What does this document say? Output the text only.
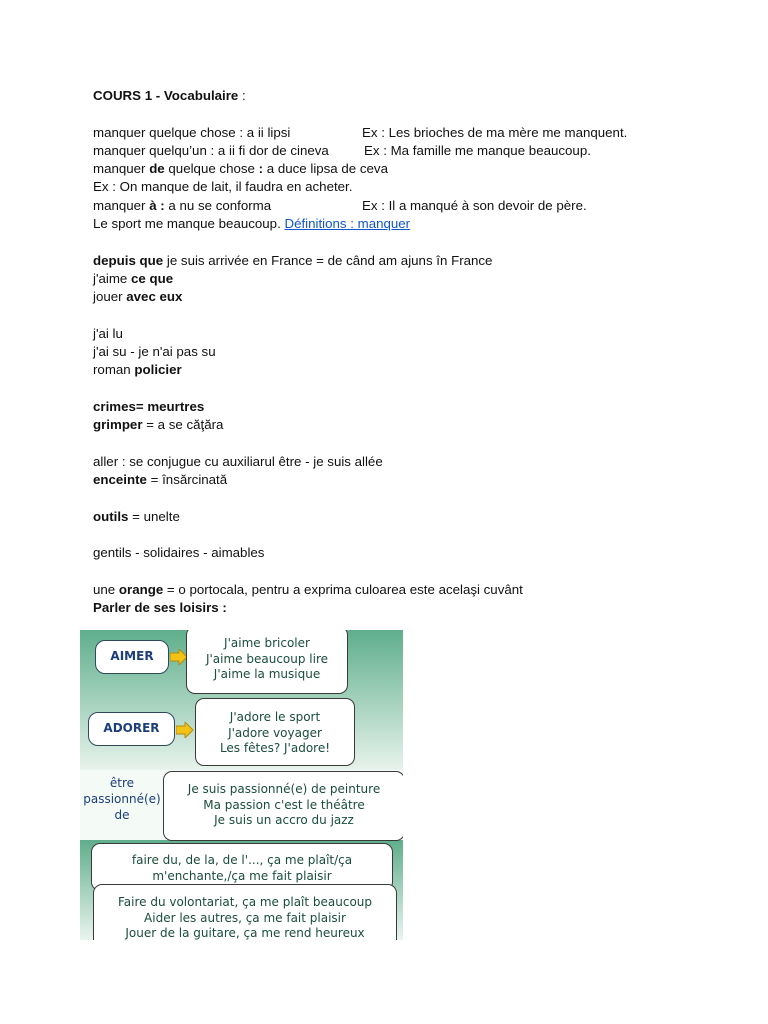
COURS 1 - Vocabulaire :
manquer quelque chose : a ii lipsi	Ex : Les brioches de ma mère me manquent.
manquer quelqu’un : a ii fi dor de cineva	Ex : Ma famille me manque beaucoup.
manquer de quelque chose : a duce lipsa de ceva
Ex : On manque de lait, il faudra en acheter.
manquer à : a nu se conforma	Ex : Il a manqué à son devoir de père.
Le sport me manque beaucoup. Définitions : manquer
depuis que je suis arrivée en France = de când am ajuns în France
j'aime ce que
jouer avec eux
j'ai lu
j'ai su - je n'ai pas su
roman policier
crimes= meurtres
grimper = a se căţăra
aller : se conjugue cu auxiliarul être - je suis allée
enceinte = însărcinată
outils = unelte
gentils - solidaires - aimables
une orange = o portocala, pentru a exprima culoarea este acelaşi cuvânt
Parler de ses loisirs :
AIMER
J'aime bricoler
J'aime beaucoup lire
J'aime la musique
ADORER
J'adore le sport
J'adore voyager
Les fêtes? J'adore!
être
passionné(e)
de
Je suis passionné(e) de peinture
Ma passion c'est le théâtre
Je suis un accro du jazz
faire du, de la, de l'..., ça me plaît/ça
m'enchante,/ça me fait plaisir
Faire du volontariat, ça me plaît beaucoup
Aider les autres, ça me fait plaisir
Jouer de la guitare, ça me rend heureux
